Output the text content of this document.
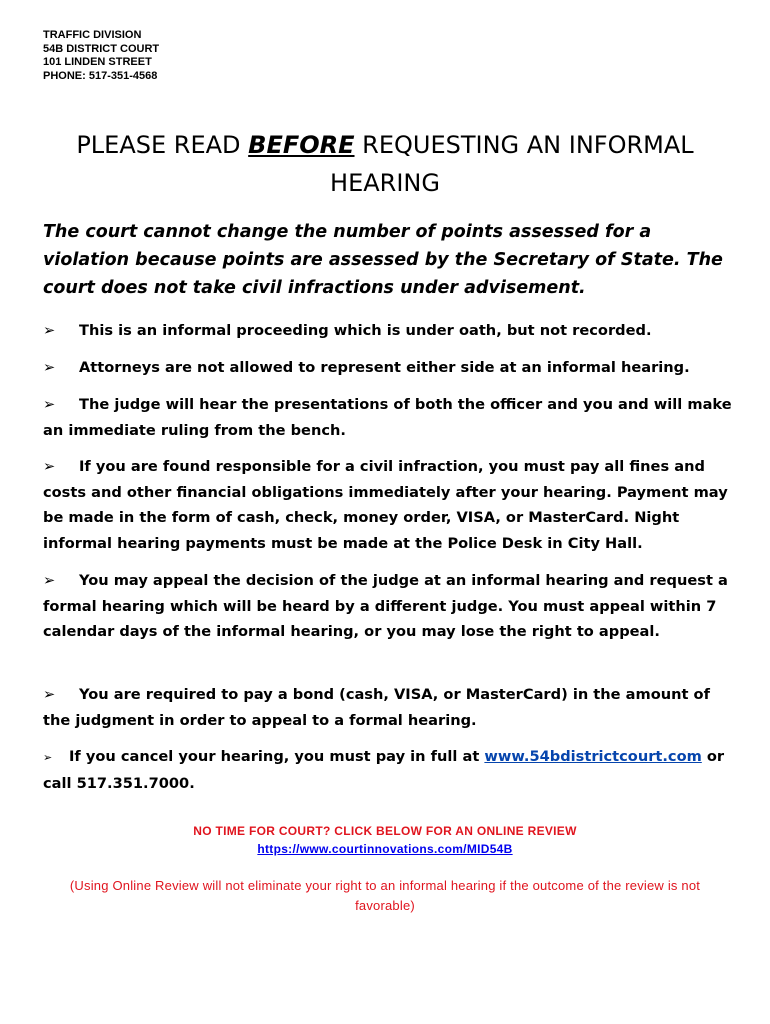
TRAFFIC DIVISION
54B DISTRICT COURT
101 LINDEN STREET
PHONE: 517-351-4568
PLEASE READ BEFORE REQUESTING AN INFORMAL HEARING
The court cannot change the number of points assessed for a violation because points are assessed by the Secretary of State. The court does not take civil infractions under advisement.
➢ This is an informal proceeding which is under oath, but not recorded.
➢ Attorneys are not allowed to represent either side at an informal hearing.
➢ The judge will hear the presentations of both the officer and you and will make an immediate ruling from the bench.
➢ If you are found responsible for a civil infraction, you must pay all fines and costs and other financial obligations immediately after your hearing. Payment may be made in the form of cash, check, money order, VISA, or MasterCard. Night informal hearing payments must be made at the Police Desk in City Hall.
➢ You may appeal the decision of the judge at an informal hearing and request a formal hearing which will be heard by a different judge. You must appeal within 7 calendar days of the informal hearing, or you may lose the right to appeal.
➢ You are required to pay a bond (cash, VISA, or MasterCard) in the amount of the judgment in order to appeal to a formal hearing.
➢ If you cancel your hearing, you must pay in full at www.54bdistrictcourt.com or call 517.351.7000.
NO TIME FOR COURT? CLICK BELOW FOR AN ONLINE REVIEW
https://www.courtinnovations.com/MID54B
(Using Online Review will not eliminate your right to an informal hearing if the outcome of the review is not favorable)
